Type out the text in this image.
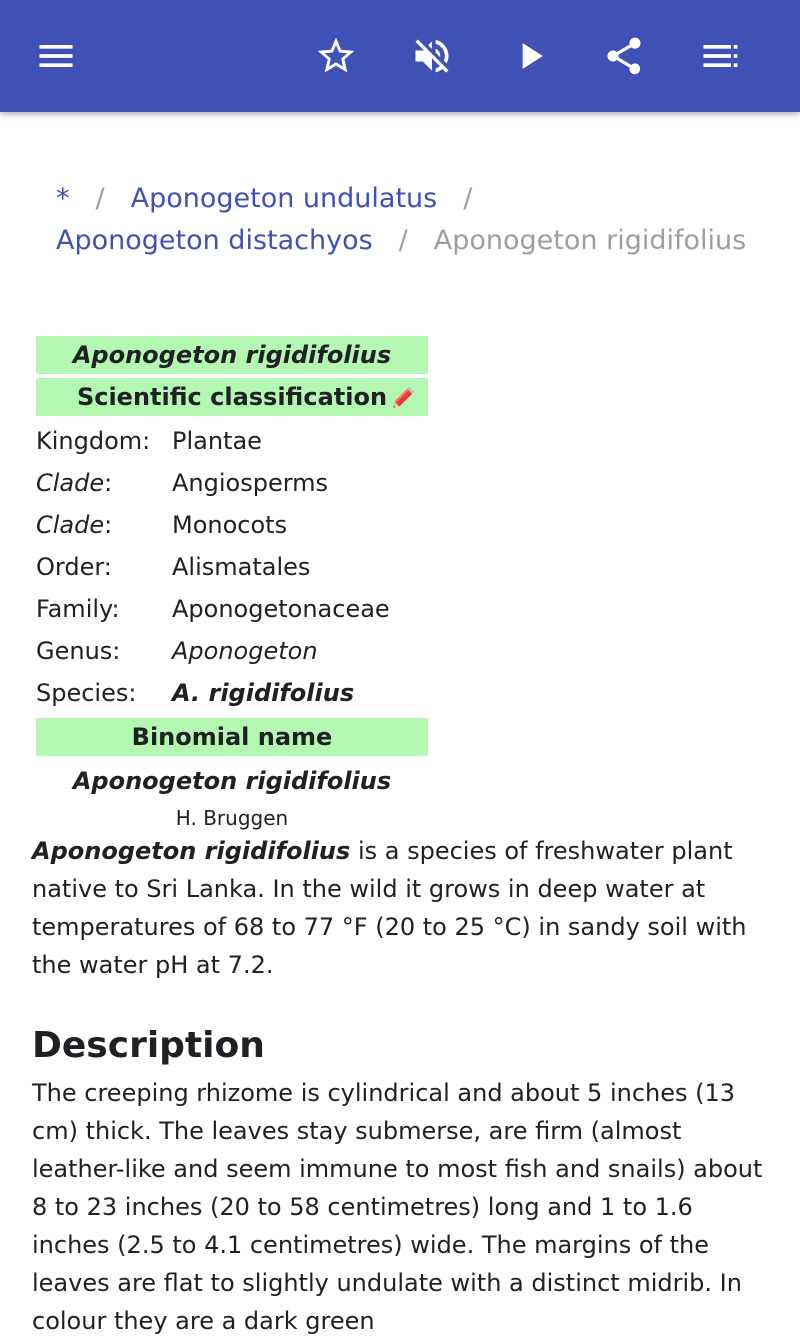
* / Aponogeton undulatus /
Aponogeton distachyos / Aponogeton rigidifolius
Aponogeton rigidifolius
Scientific classification
Kingdom: Plantae
Clade:	Angiosperms
Clade:	Monocots
Order:	Alismatales
Family:	Aponogetonaceae
Genus:	Aponogeton
Species:	A. rigidifolius
Binomial name
Aponogeton rigidifolius
H. Bruggen
Aponogeton rigidifolius is a species of freshwater plant native to Sri Lanka. In the wild it grows in deep water at temperatures of 68 to 77 °F (20 to 25 °C) in sandy soil with the water pH at 7.2.
Description
The creeping rhizome is cylindrical and about 5 inches (13 cm) thick. The leaves stay submerse, are firm (almost leather-like and seem immune to most fish and snails) about 8 to 23 inches (20 to 58 centimetres) long and 1 to 1.6 inches (2.5 to 4.1 centimetres) wide. The margins of the leaves are flat to slightly undulate with a distinct midrib. In colour they are a dark green
